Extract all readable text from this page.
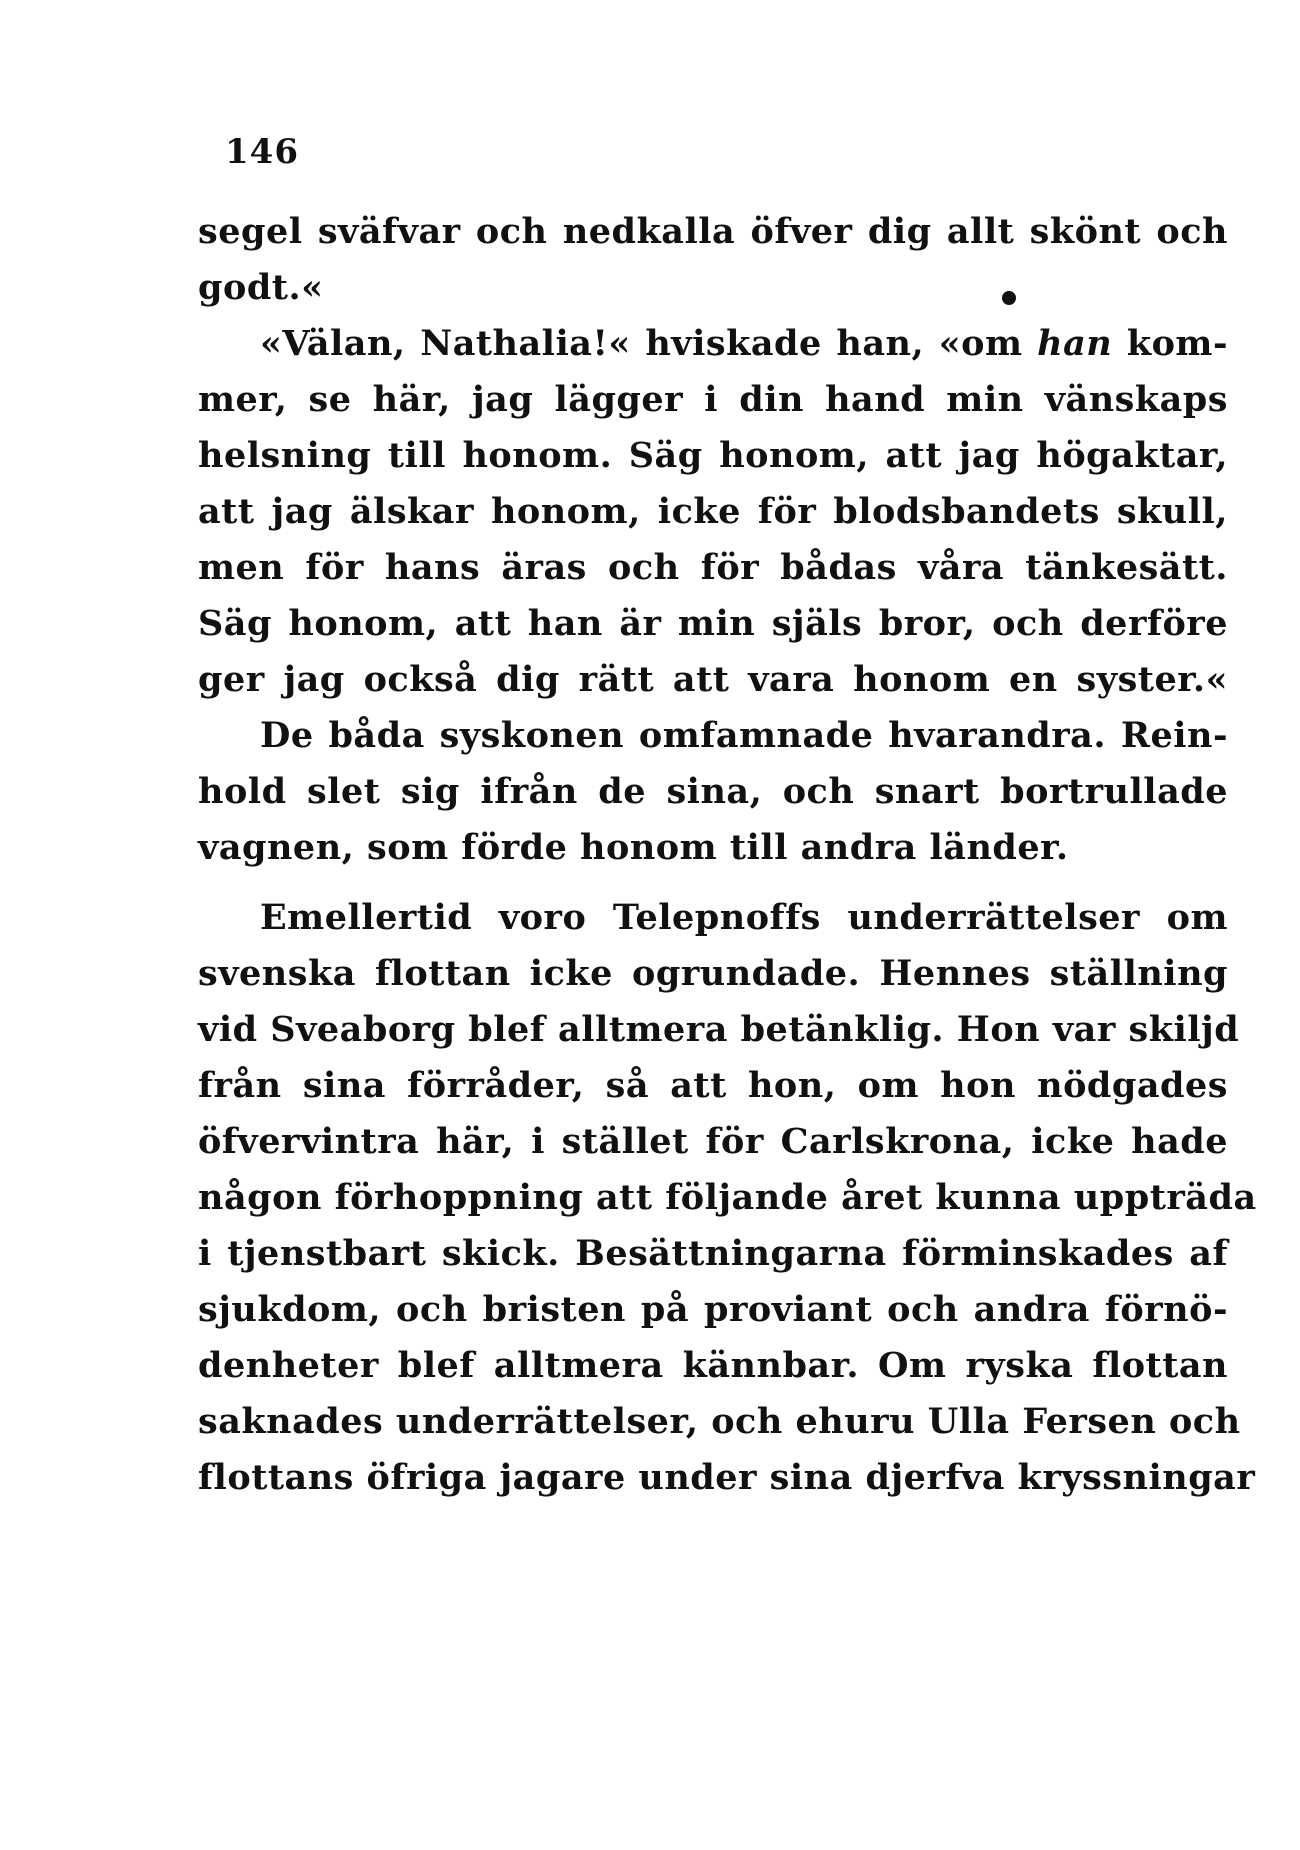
146
segel sväfvar och nedkalla öfver dig allt skönt och
godt.«
«Välan, Nathalia!« hviskade han, «om han kom-
mer, se här, jag lägger i din hand min vänskaps
helsning till honom. Säg honom, att jag högaktar,
att jag älskar honom, icke för blodsbandets skull,
men för hans äras och för bådas våra tänkesätt.
Säg honom, att han är min själs bror, och derföre
ger jag också dig rätt att vara honom en syster.«
De båda syskonen omfamnade hvarandra. Rein-
hold slet sig ifrån de sina, och snart bortrullade
vagnen, som förde honom till andra länder.
Emellertid voro Telepnoffs underrättelser om
svenska flottan icke ogrundade. Hennes ställning
vid Sveaborg blef alltmera betänklig. Hon var skiljd
från sina förråder, så att hon, om hon nödgades
öfvervintra här, i stället för Carlskrona, icke hade
någon förhoppning att följande året kunna uppträda
i tjenstbart skick. Besättningarna förminskades af
sjukdom, och bristen på proviant och andra förnö-
denheter blef alltmera kännbar. Om ryska flottan
saknades underrättelser, och ehuru Ulla Fersen och
flottans öfriga jagare under sina djerfva kryssningar
